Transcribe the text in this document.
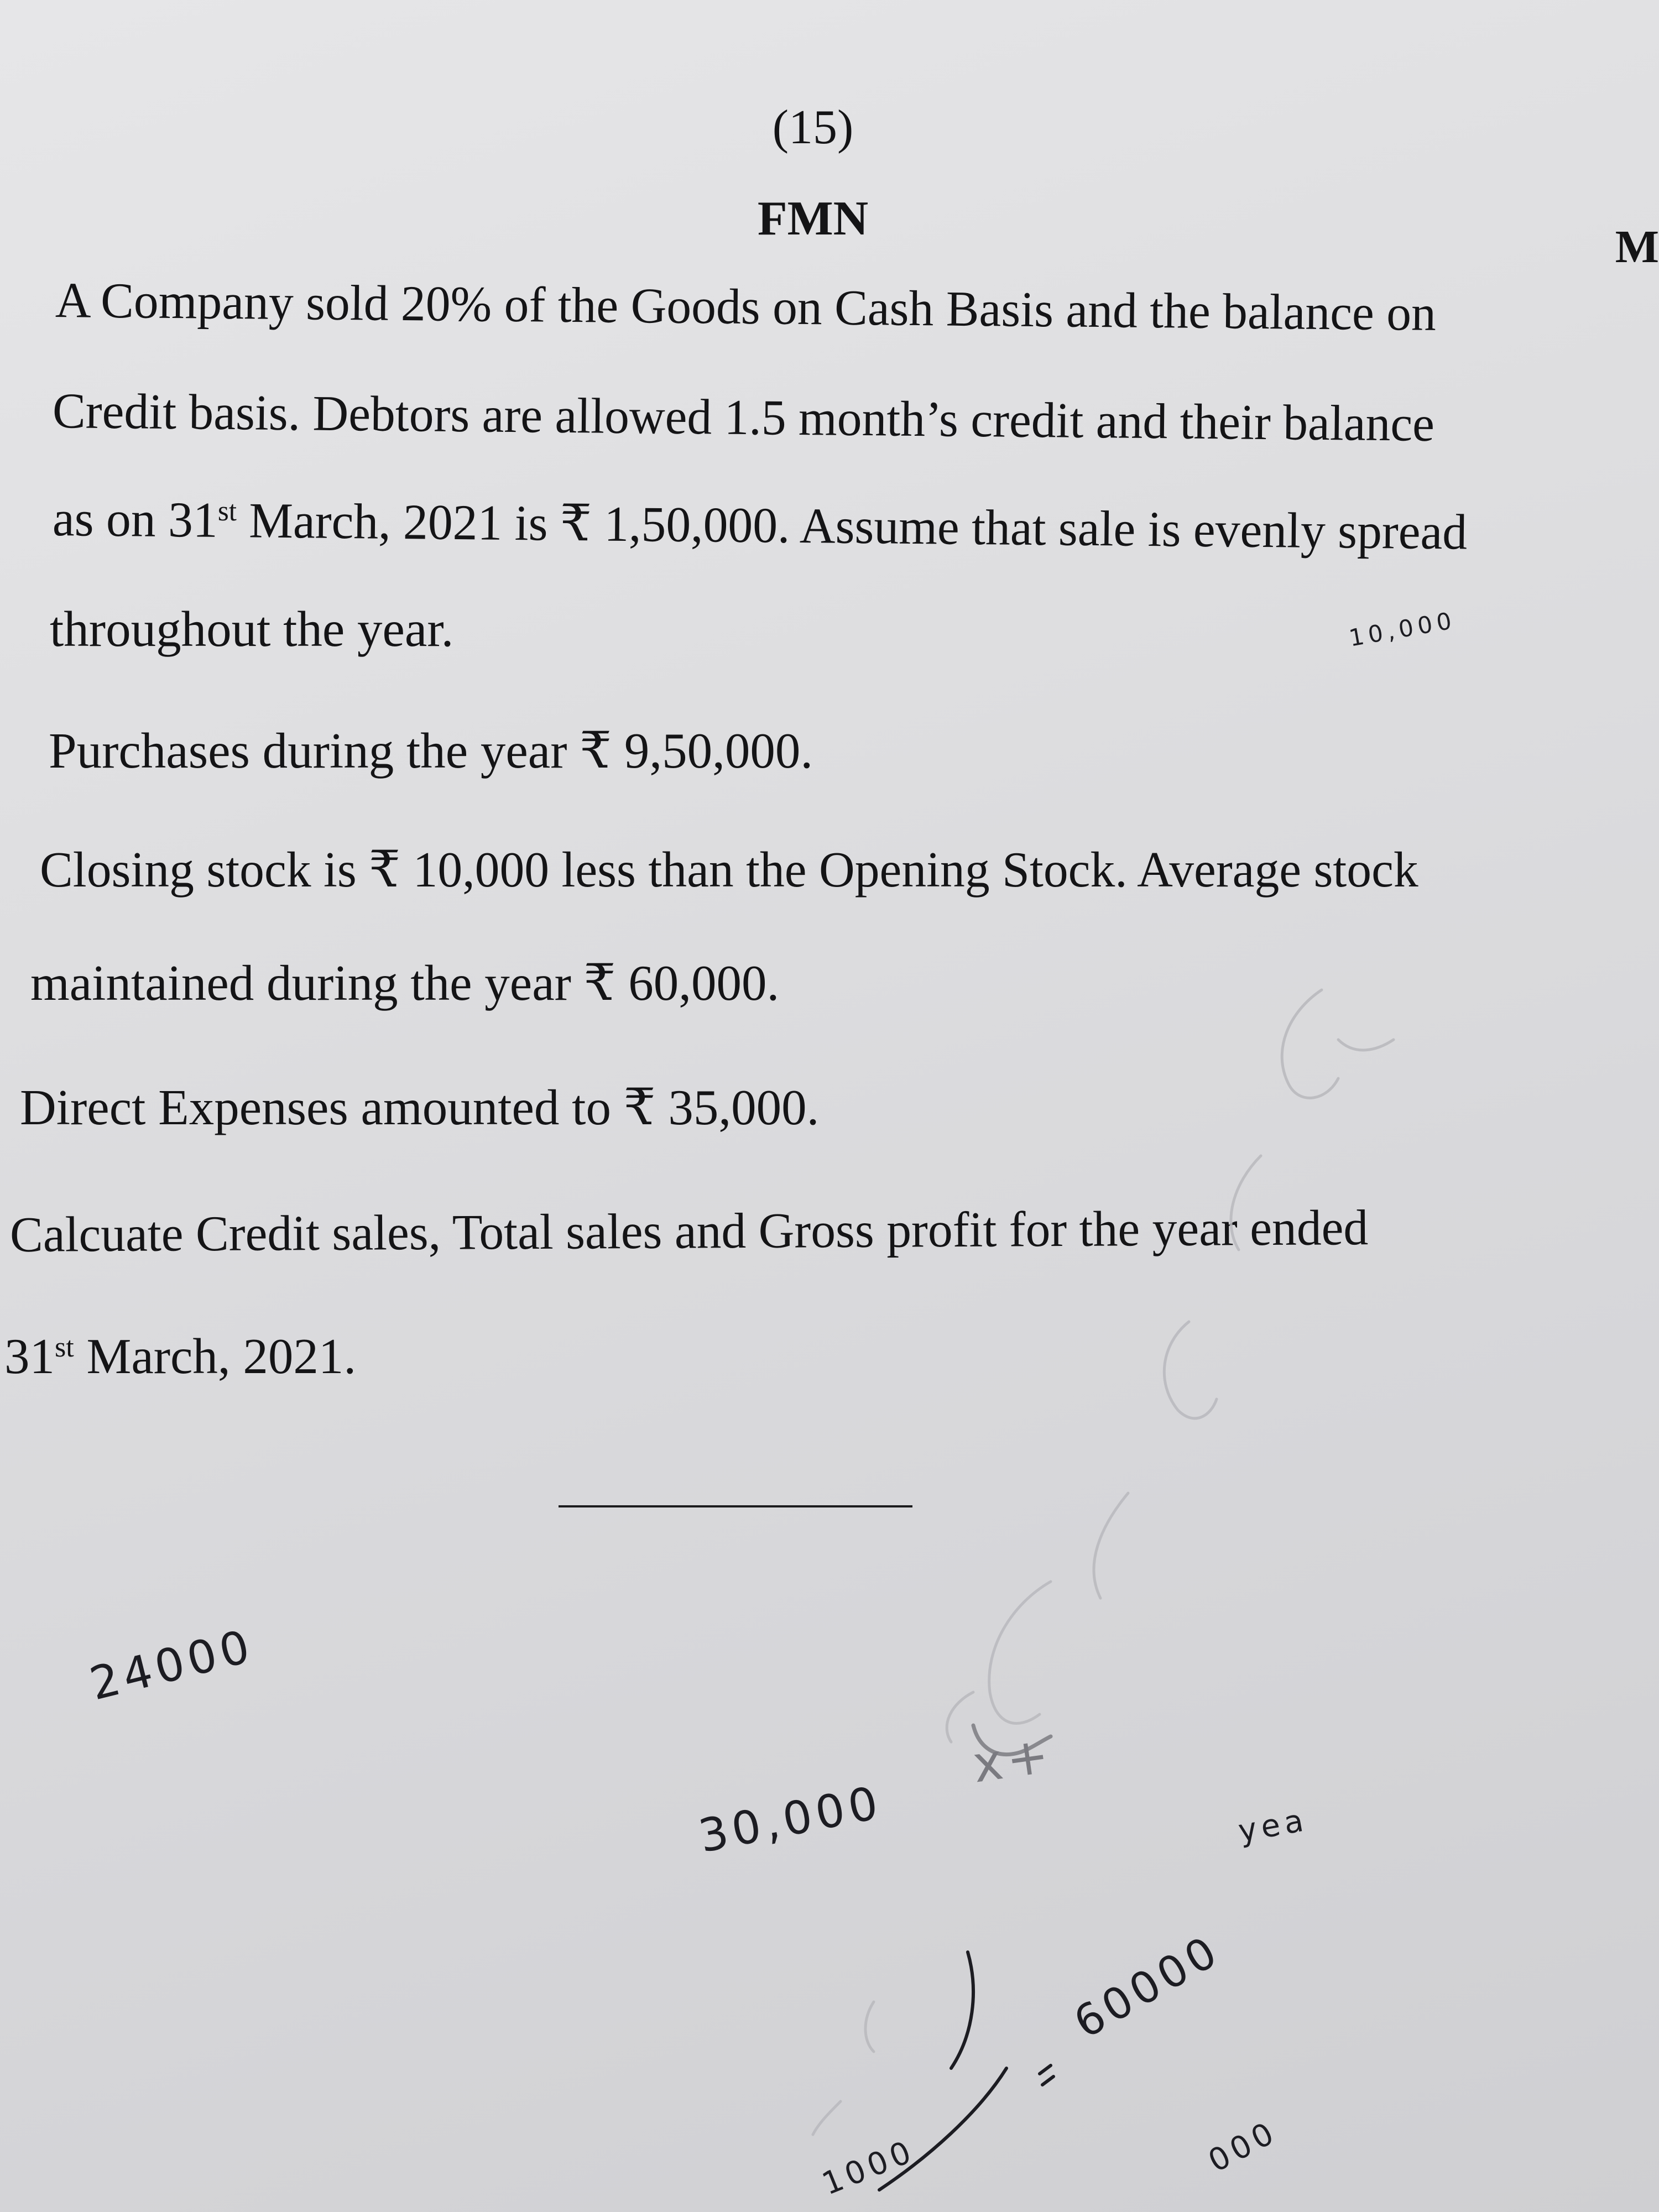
(15)
FMN
M
A Company sold 20% of the Goods on Cash Basis and the balance on
Credit basis. Debtors are allowed 1.5 month’s credit and their balance
as on 31st March, 2021 is ₹ 1,50,000. Assume that sale is evenly spread
throughout the year.
Purchases during the year ₹ 9,50,000.
Closing stock is ₹ 10,000 less than the Opening Stock. Average stock
maintained during the year ₹ 60,000.
Direct Expenses amounted to ₹ 35,000.
Calcuate Credit sales, Total sales and Gross profit for the year ended
31st March, 2021.
10,000
24000
30,000
60000
1000
x+
yea
000
